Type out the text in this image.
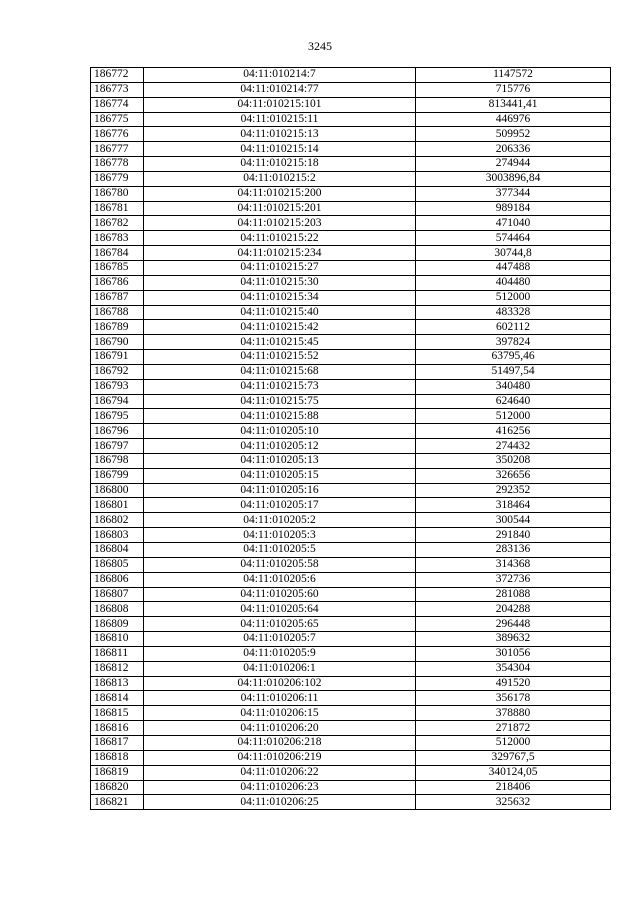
3245
186772	04:11:010214:7	1147572
186773	04:11:010214:77	715776
186774	04:11:010215:101	813441,41
186775	04:11:010215:11	446976
186776	04:11:010215:13	509952
186777	04:11:010215:14	206336
186778	04:11:010215:18	274944
186779	04:11:010215:2	3003896,84
186780	04:11:010215:200	377344
186781	04:11:010215:201	989184
186782	04:11:010215:203	471040
186783	04:11:010215:22	574464
186784	04:11:010215:234	30744,8
186785	04:11:010215:27	447488
186786	04:11:010215:30	404480
186787	04:11:010215:34	512000
186788	04:11:010215:40	483328
186789	04:11:010215:42	602112
186790	04:11:010215:45	397824
186791	04:11:010215:52	63795,46
186792	04:11:010215:68	51497,54
186793	04:11:010215:73	340480
186794	04:11:010215:75	624640
186795	04:11:010215:88	512000
186796	04:11:010205:10	416256
186797	04:11:010205:12	274432
186798	04:11:010205:13	350208
186799	04:11:010205:15	326656
186800	04:11:010205:16	292352
186801	04:11:010205:17	318464
186802	04:11:010205:2	300544
186803	04:11:010205:3	291840
186804	04:11:010205:5	283136
186805	04:11:010205:58	314368
186806	04:11:010205:6	372736
186807	04:11:010205:60	281088
186808	04:11:010205:64	204288
186809	04:11:010205:65	296448
186810	04:11:010205:7	389632
186811	04:11:010205:9	301056
186812	04:11:010206:1	354304
186813	04:11:010206:102	491520
186814	04:11:010206:11	356178
186815	04:11:010206:15	378880
186816	04:11:010206:20	271872
186817	04:11:010206:218	512000
186818	04:11:010206:219	329767,5
186819	04:11:010206:22	340124,05
186820	04:11:010206:23	218406
186821	04:11:010206:25	325632
